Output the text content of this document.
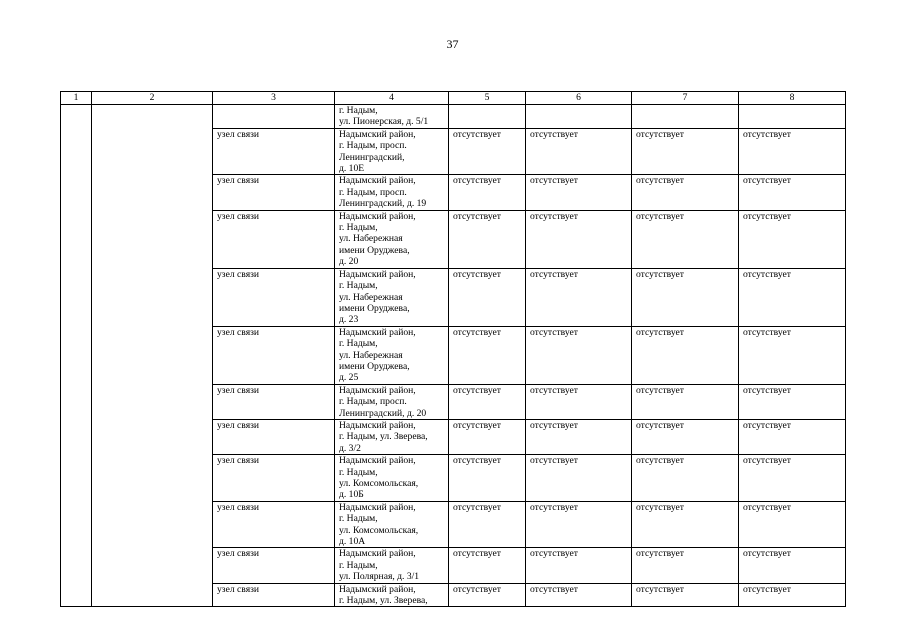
37
1	2	3	4	5	6	7	8
			г. Надым,
ул. Пионерская, д. 5/1				
		узел связи	Надымский район,
г. Надым, просп.
Ленинградский,
д. 10Е	отсутствует	отсутствует	отсутствует	отсутствует
		узел связи	Надымский район,
г. Надым, просп.
Ленинградский, д. 19	отсутствует	отсутствует	отсутствует	отсутствует
		узел связи	Надымский район,
г. Надым,
ул. Набережная
имени Оруджева,
д. 20	отсутствует	отсутствует	отсутствует	отсутствует
		узел связи	Надымский район,
г. Надым,
ул. Набережная
имени Оруджева,
д. 23	отсутствует	отсутствует	отсутствует	отсутствует
		узел связи	Надымский район,
г. Надым,
ул. Набережная
имени Оруджева,
д. 25	отсутствует	отсутствует	отсутствует	отсутствует
		узел связи	Надымский район,
г. Надым, просп.
Ленинградский, д. 20	отсутствует	отсутствует	отсутствует	отсутствует
		узел связи	Надымский район,
г. Надым, ул. Зверева,
д. 3/2	отсутствует	отсутствует	отсутствует	отсутствует
		узел связи	Надымский район,
г. Надым,
ул. Комсомольская,
д. 10Б	отсутствует	отсутствует	отсутствует	отсутствует
		узел связи	Надымский район,
г. Надым,
ул. Комсомольская,
д. 10А	отсутствует	отсутствует	отсутствует	отсутствует
		узел связи	Надымский район,
г. Надым,
ул. Полярная, д. 3/1	отсутствует	отсутствует	отсутствует	отсутствует
		узел связи	Надымский район,
г. Надым, ул. Зверева,	отсутствует	отсутствует	отсутствует	отсутствует
